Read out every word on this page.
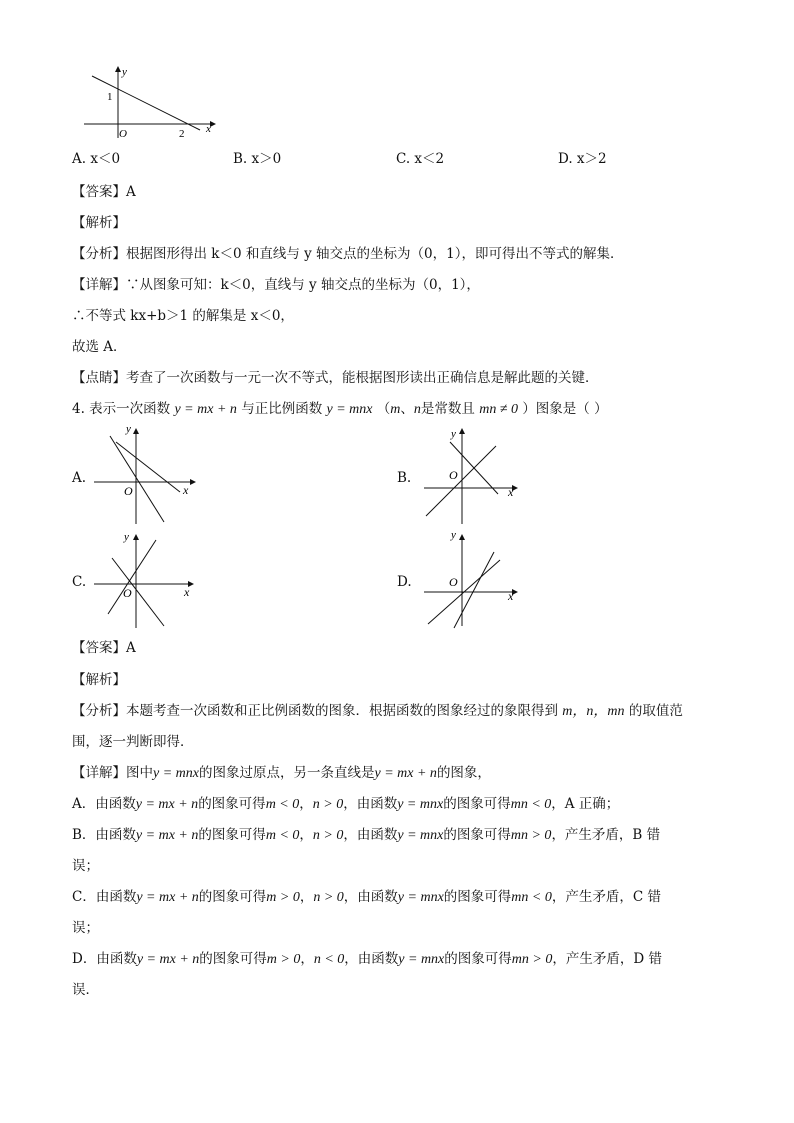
y
x
O
1
2
A. x＜0	B. x＞0	C. x＜2	D. x＞2
【答案】A
【解析】
【分析】根据图形得出 k＜0 和直线与 y 轴交点的坐标为（0，1），即可得出不等式的解集．
【详解】∵从图象可知：k＜0，直线与 y 轴交点的坐标为（0，1），
∴不等式 kx+b＞1 的解集是 x＜0，
故选 A．
【点睛】考查了一次函数与一元一次不等式，能根据图形读出正确信息是解此题的关键．
4. 表示一次函数 y = mx + n 与正比例函数 y = mnx （m、n是常数且 mn ≠ 0 ）图象是（ ）
A.
y
x
O
B.
y
x
O
C.
y
x
O
D.
y
x
O
【答案】A
【解析】
【分析】本题考查一次函数和正比例函数的图象．根据函数的图象经过的象限得到 m，n，mn 的取值范
围，逐一判断即得．
【详解】图中y = mnx的图象过原点，另一条直线是y = mx + n的图象，
A．由函数y = mx + n的图象可得m < 0，n > 0，由函数y = mnx的图象可得mn < 0，A 正确；
B．由函数y = mx + n的图象可得m < 0，n > 0，由函数y = mnx的图象可得mn > 0，产生矛盾，B 错
误；
C．由函数y = mx + n的图象可得m > 0，n > 0，由函数y = mnx的图象可得mn < 0，产生矛盾，C 错
误；
D．由函数y = mx + n的图象可得m > 0，n < 0，由函数y = mnx的图象可得mn > 0，产生矛盾，D 错
误．
